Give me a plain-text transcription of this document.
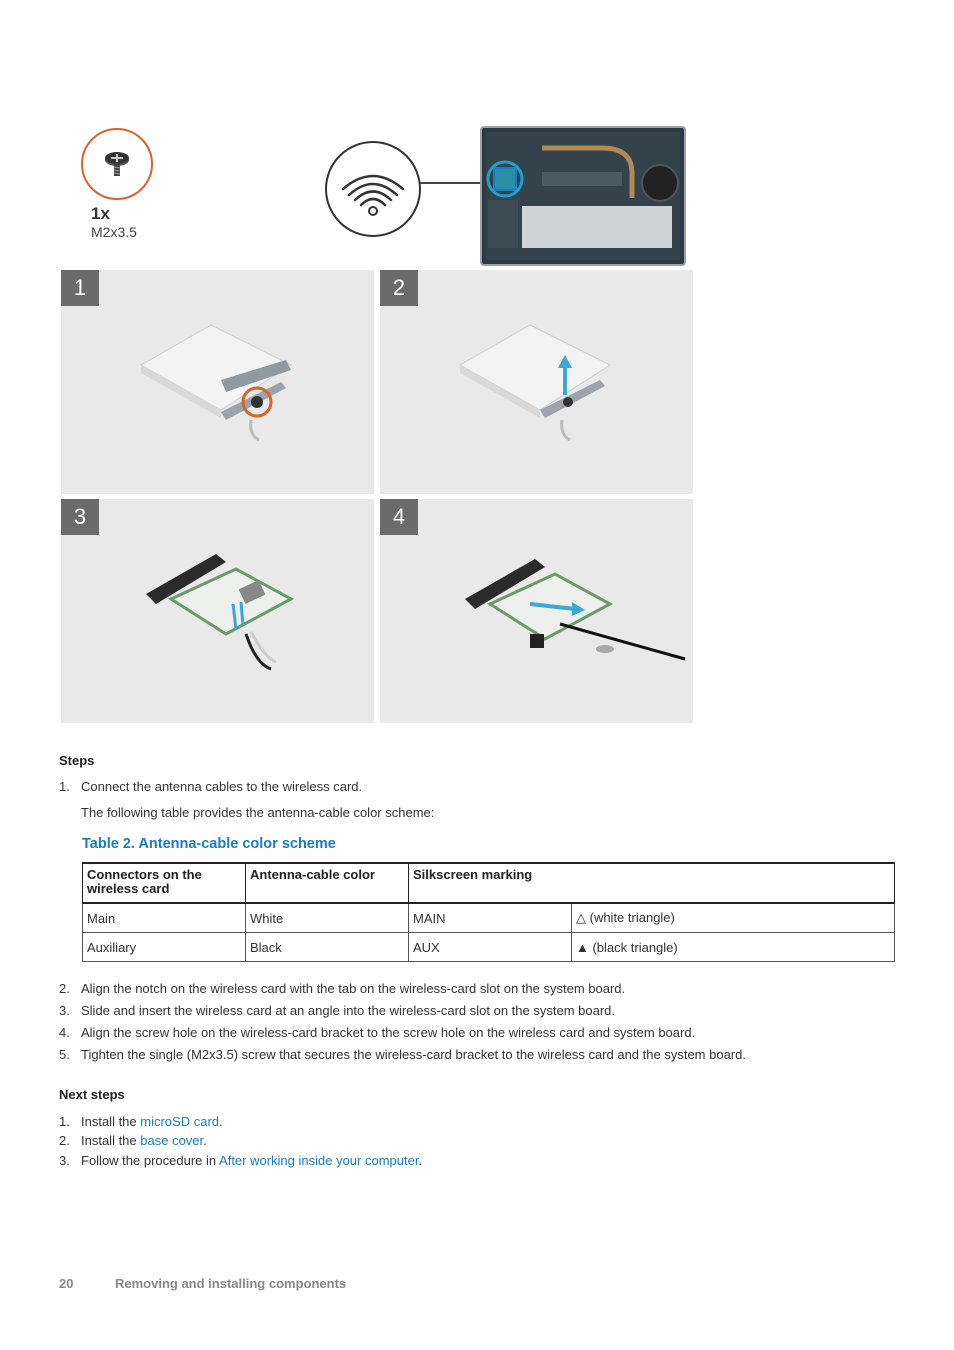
1x
M2x3.5
1	2
3	4
Steps
1. Connect the antenna cables to the wireless card.
The following table provides the antenna-cable color scheme:
Table 2. Antenna-cable color scheme
Connectors on the wireless card	Antenna-cable color	Silkscreen marking	
Main	White	MAIN	△ (white triangle)
Auxiliary	Black	AUX	▲ (black triangle)
2. Align the notch on the wireless card with the tab on the wireless-card slot on the system board.
3. Slide and insert the wireless card at an angle into the wireless-card slot on the system board.
4. Align the screw hole on the wireless-card bracket to the screw hole on the wireless card and system board.
5. Tighten the single (M2x3.5) screw that secures the wireless-card bracket to the wireless card and the system board.
Next steps
1. Install the microSD card.
2. Install the base cover.
3. Follow the procedure in After working inside your computer.
20	Removing and installing components
